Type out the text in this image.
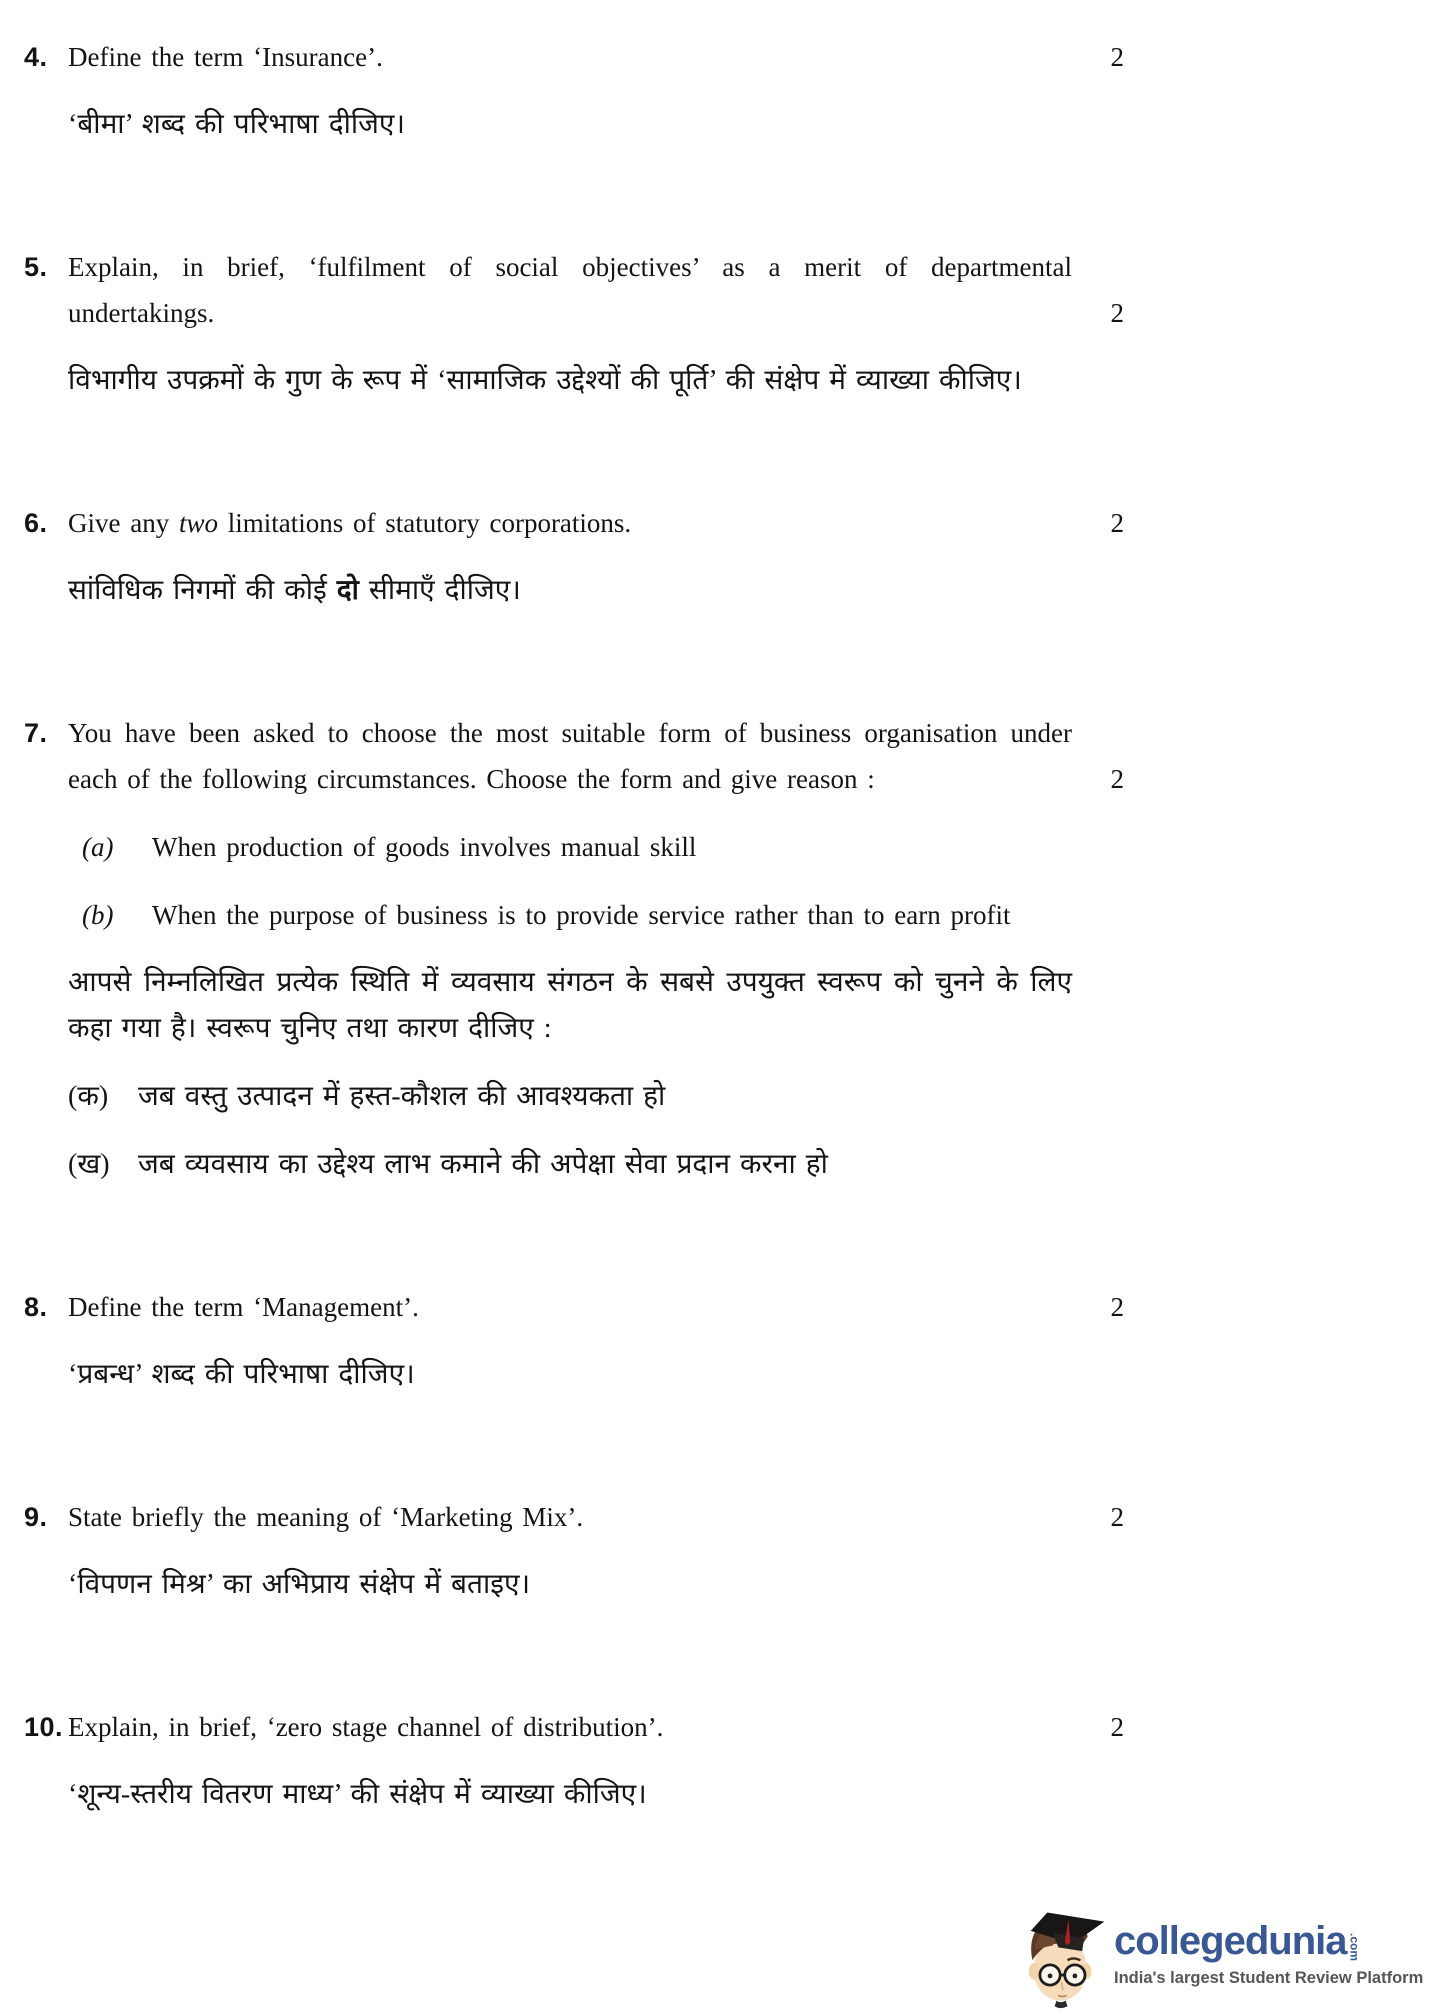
4. Define the term ‘Insurance’.	2
‘बीमा’ शब्द की परिभाषा दीजिए।
5. Explain, in brief, ‘fulfilment of social objectives’ as a merit of departmental undertakings.	2
विभागीय उपक्रमों के गुण के रूप में ‘सामाजिक उद्देश्यों की पूर्ति’ की संक्षेप में व्याख्या कीजिए।
6. Give any two limitations of statutory corporations.	2
सांविधिक निगमों की कोई दो सीमाएँ दीजिए।
7. You have been asked to choose the most suitable form of business organisation under each of the following circumstances. Choose the form and give reason :	2
(a)	When production of goods involves manual skill
(b)	When the purpose of business is to provide service rather than to earn profit
आपसे निम्नलिखित प्रत्येक स्थिति में व्यवसाय संगठन के सबसे उपयुक्त स्वरूप को चुनने के लिए कहा गया है। स्वरूप चुनिए तथा कारण दीजिए :
(क)	जब वस्तु उत्पादन में हस्त-कौशल की आवश्यकता हो
(ख)	जब व्यवसाय का उद्देश्य लाभ कमाने की अपेक्षा सेवा प्रदान करना हो
8. Define the term ‘Management’.	2
‘प्रबन्ध’ शब्द की परिभाषा दीजिए।
9. State briefly the meaning of ‘Marketing Mix’.	2
‘विपणन मिश्र’ का अभिप्राय संक्षेप में बताइए।
10. Explain, in brief, ‘zero stage channel of distribution’.	2
‘शून्य-स्तरीय वितरण माध्य’ की संक्षेप में व्याख्या कीजिए।
collegedunia .com
India's largest Student Review Platform
